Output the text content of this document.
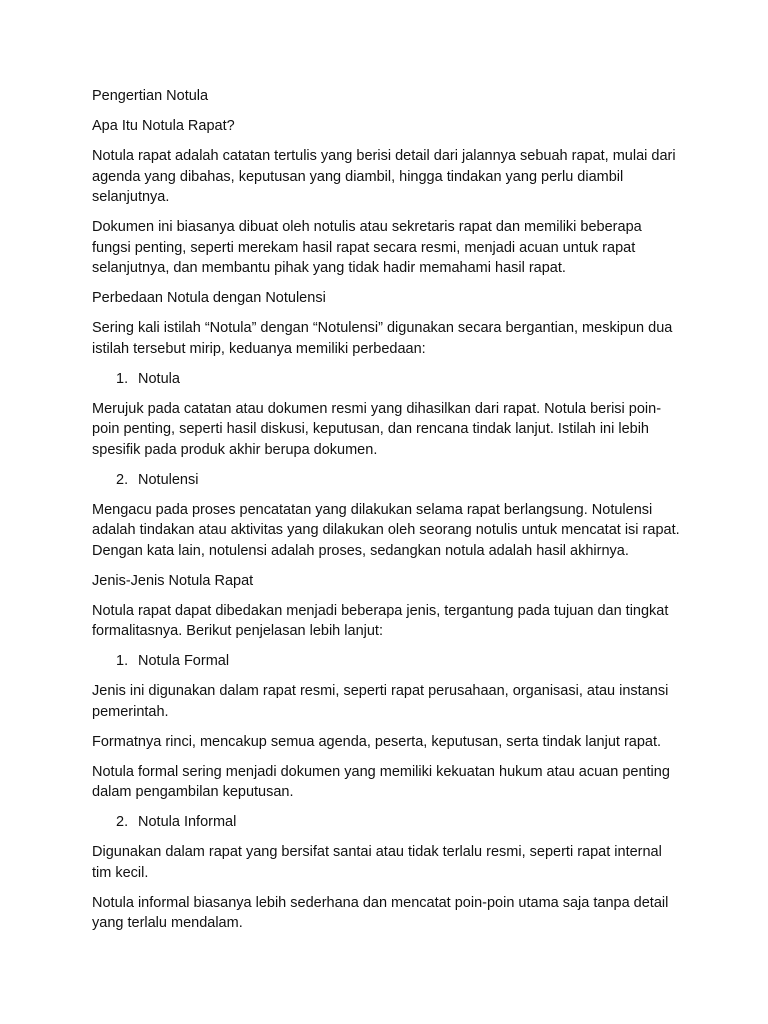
Pengertian Notula

Apa Itu Notula Rapat?

Notula rapat adalah catatan tertulis yang berisi detail dari jalannya sebuah rapat, mulai dari agenda yang dibahas, keputusan yang diambil, hingga tindakan yang perlu diambil selanjutnya.

Dokumen ini biasanya dibuat oleh notulis atau sekretaris rapat dan memiliki beberapa fungsi penting, seperti merekam hasil rapat secara resmi, menjadi acuan untuk rapat selanjutnya, dan membantu pihak yang tidak hadir memahami hasil rapat.

Perbedaan Notula dengan Notulensi

Sering kali istilah “Notula” dengan “Notulensi” digunakan secara bergantian, meskipun dua istilah tersebut mirip, keduanya memiliki perbedaan:

1. Notula

Merujuk pada catatan atau dokumen resmi yang dihasilkan dari rapat. Notula berisi poin-poin penting, seperti hasil diskusi, keputusan, dan rencana tindak lanjut. Istilah ini lebih spesifik pada produk akhir berupa dokumen.

2. Notulensi

Mengacu pada proses pencatatan yang dilakukan selama rapat berlangsung. Notulensi adalah tindakan atau aktivitas yang dilakukan oleh seorang notulis untuk mencatat isi rapat. Dengan kata lain, notulensi adalah proses, sedangkan notula adalah hasil akhirnya.

Jenis-Jenis Notula Rapat

Notula rapat dapat dibedakan menjadi beberapa jenis, tergantung pada tujuan dan tingkat formalitasnya. Berikut penjelasan lebih lanjut:

1. Notula Formal

Jenis ini digunakan dalam rapat resmi, seperti rapat perusahaan, organisasi, atau instansi pemerintah.

Formatnya rinci, mencakup semua agenda, peserta, keputusan, serta tindak lanjut rapat.

Notula formal sering menjadi dokumen yang memiliki kekuatan hukum atau acuan penting dalam pengambilan keputusan.

2. Notula Informal

Digunakan dalam rapat yang bersifat santai atau tidak terlalu resmi, seperti rapat internal tim kecil.

Notula informal biasanya lebih sederhana dan mencatat poin-poin utama saja tanpa detail yang terlalu mendalam.
